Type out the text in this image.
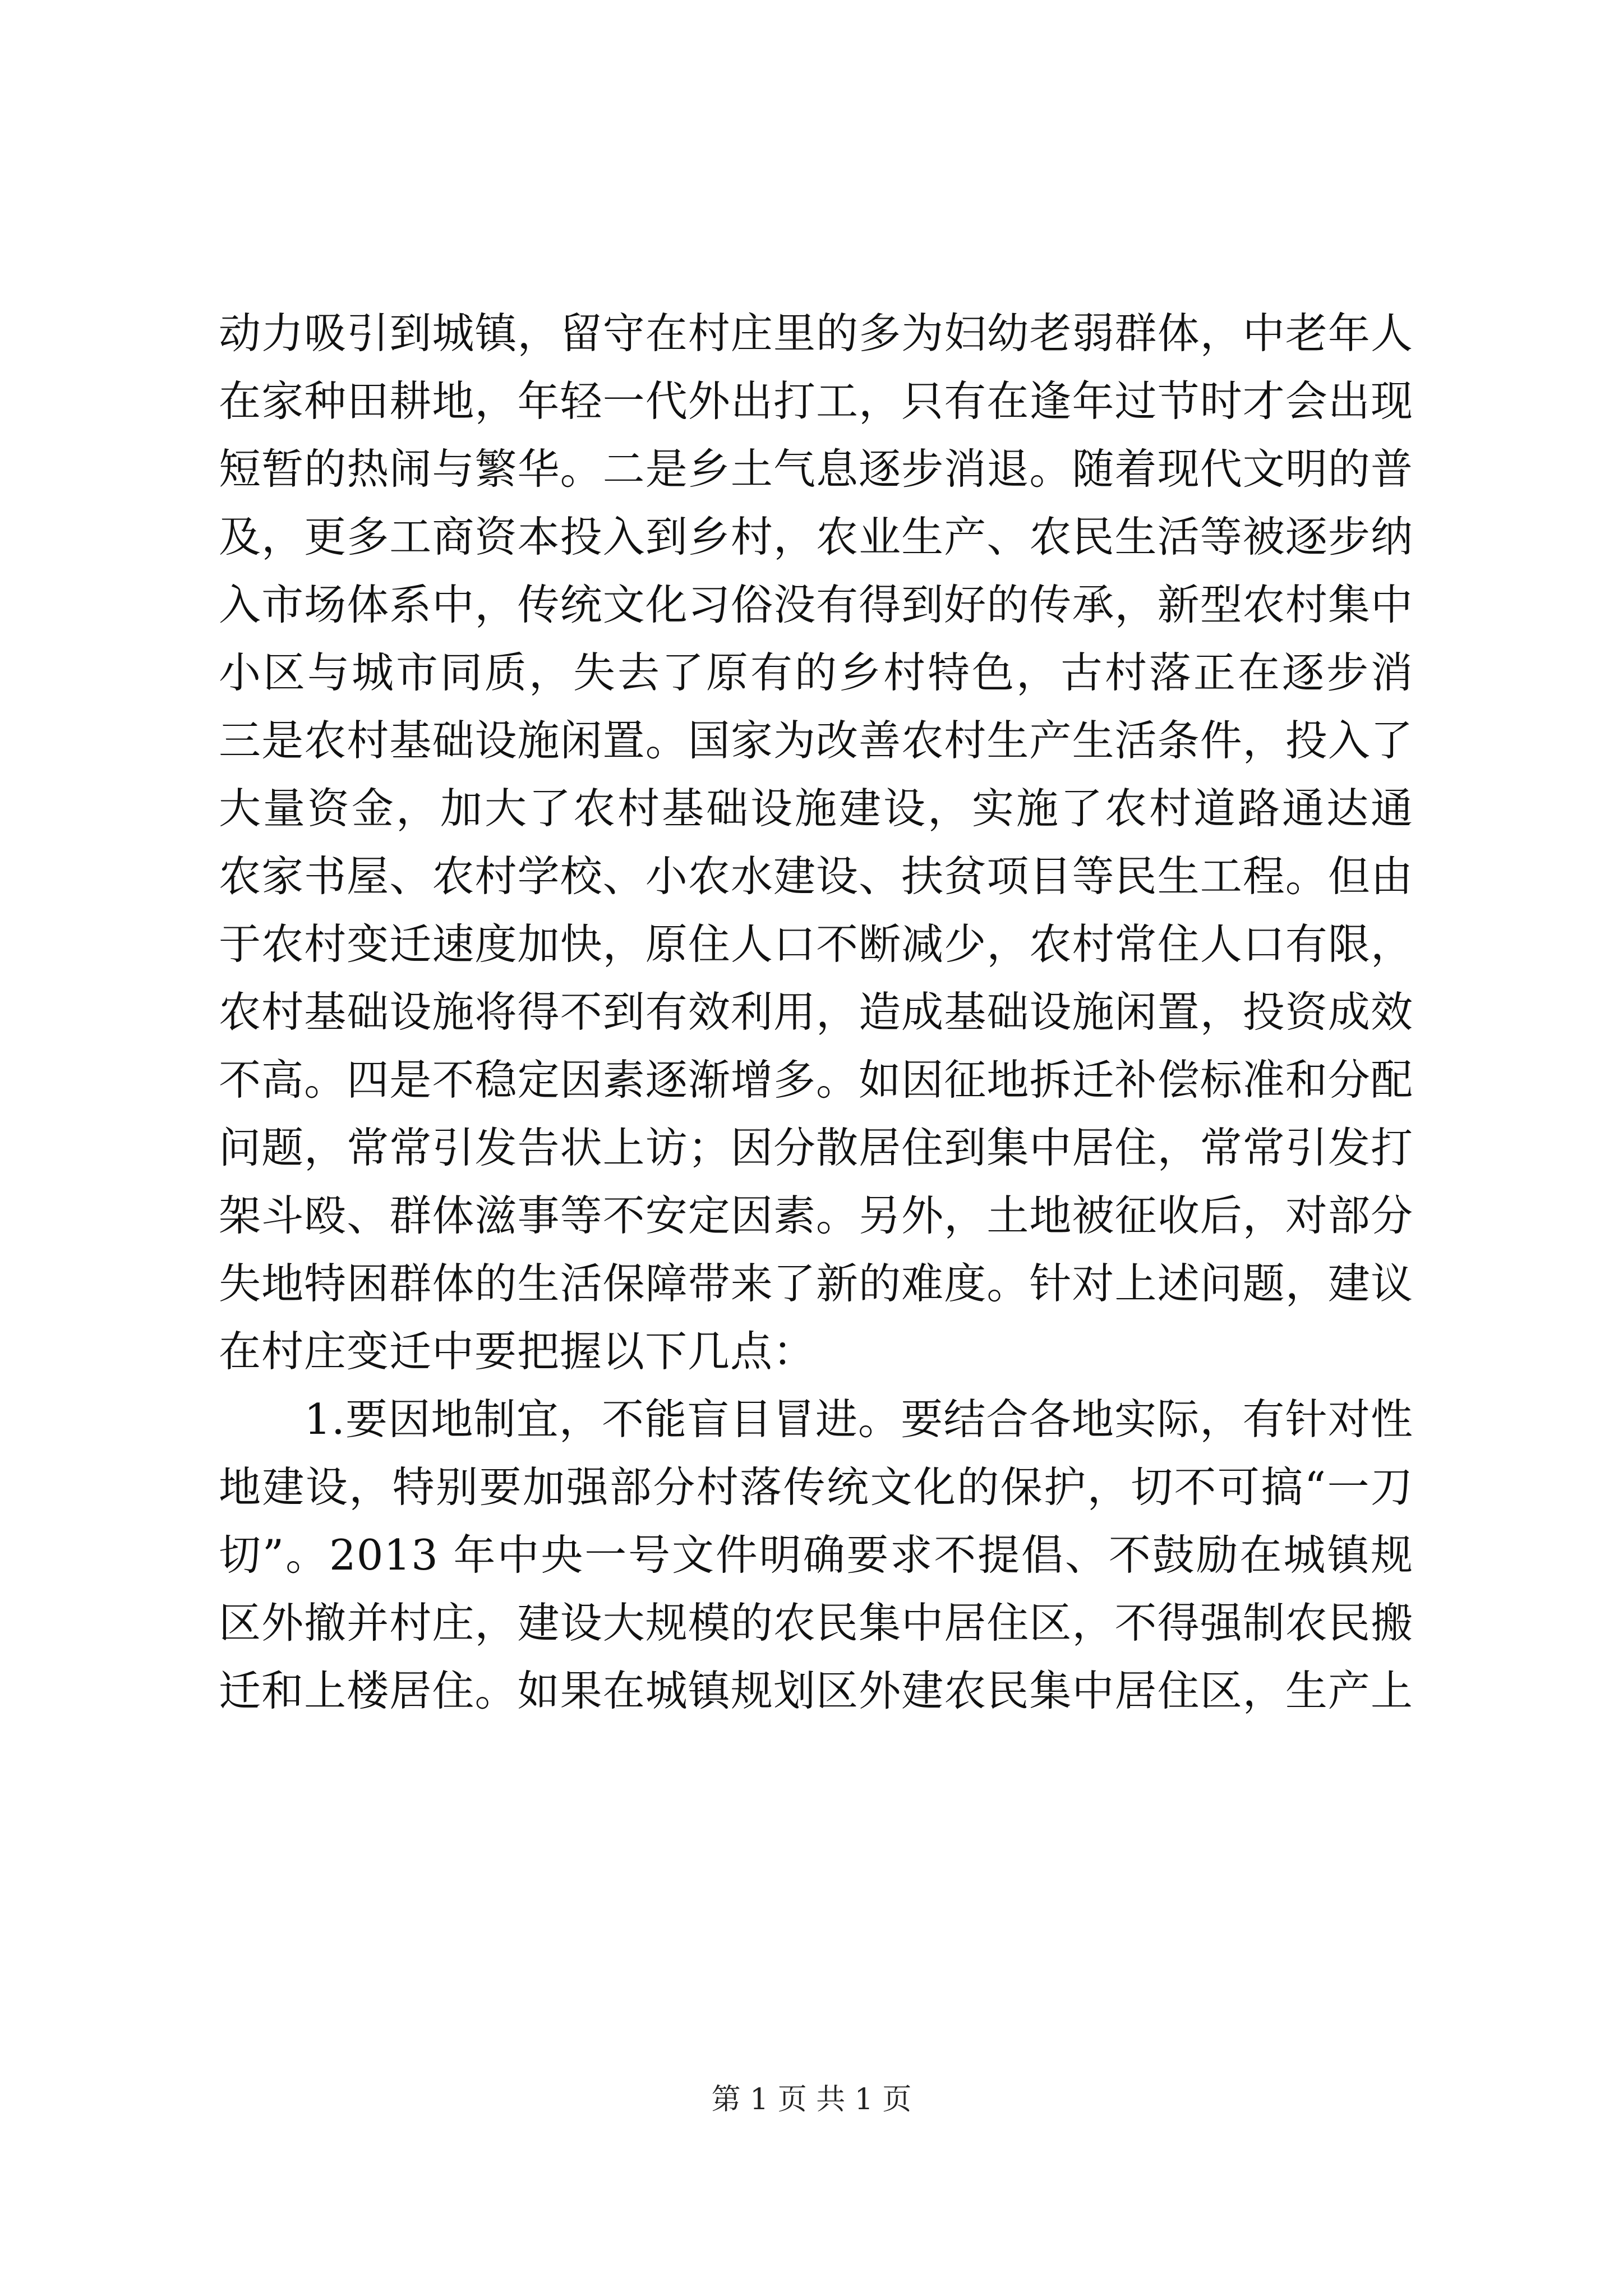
动力吸引到城镇，留守在村庄里的多为妇幼老弱群体，中老年人
在家种田耕地，年轻一代外出打工，只有在逢年过节时才会出现
短暂的热闹与繁华。二是乡土气息逐步消退。随着现代文明的普
及，更多工商资本投入到乡村，农业生产、农民生活等被逐步纳
入市场体系中，传统文化习俗没有得到好的传承，新型农村集中
小区与城市同质，失去了原有的乡村特色，古村落正在逐步消
三是农村基础设施闲置。国家为改善农村生产生活条件，投入了
大量资金，加大了农村基础设施建设，实施了农村道路通达通
农家书屋、农村学校、小农水建设、扶贫项目等民生工程。但由
于农村变迁速度加快，原住人口不断减少，农村常住人口有限，
农村基础设施将得不到有效利用，造成基础设施闲置，投资成效
不高。四是不稳定因素逐渐增多。如因征地拆迁补偿标准和分配
问题，常常引发告状上访；因分散居住到集中居住，常常引发打
架斗殴、群体滋事等不安定因素。另外，土地被征收后，对部分
失地特困群体的生活保障带来了新的难度。针对上述问题，建议
在村庄变迁中要把握以下几点：
　　1.要因地制宜，不能盲目冒进。要结合各地实际，有针对性
地建设，特别要加强部分村落传统文化的保护，切不可搞“一刀
切”。2013 年中央一号文件明确要求不提倡、不鼓励在城镇规
区外撤并村庄，建设大规模的农民集中居住区，不得强制农民搬
迁和上楼居住。如果在城镇规划区外建农民集中居住区，生产上
第 1 页 共 1 页
